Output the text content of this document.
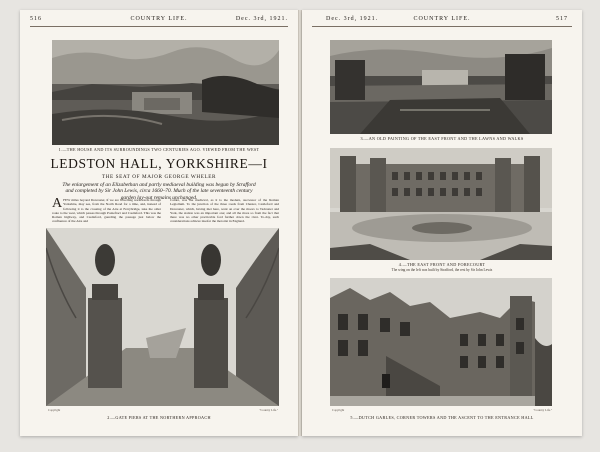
516	COUNTRY LIFE.	Dec. 3rd, 1921.
1.—THE HOUSE AND ITS SURROUNDINGS TWO CENTURIES AGO. VIEWED FROM THE WEST
LEDSTON HALL, YORKSHIRE—I
THE SEAT OF MAJOR GEORGE WHELER
The enlargement of an Elizabethan and partly mediaeval building was begun by Strafford and completed by Sir John Lewis, circa 1660–70. Much of the late seventeenth century garden lay-out remains unchanged.
AFEW miles beyond Doncaster, if we are travelling northwards through Yorkshire, may see, from the North Road for a time, and, instead of following it to the crossing of the Aire at Ferrybridge, take the older route to the west, which passes through Pontefract and Castleford. This was the Roman highway, and Castleford, guarding the passage just below the confluence of the Aire and
Calder, was the medieval, as it is the modern, successor of the Roman Legiolium. To the junction of the three roads from Chester, Castleford and Doncaster, which, having met here, went on over the moors to Tadcaster and York, the station was an important one; and all the more so from the fact that there was no other practicable ford further down the river. To-day, such considerations achieve insofar the motorist in England.
Copyright	"Country Life."
2.—GATE PIERS AT THE NORTHERN APPROACH
Dec. 3rd, 1921.	COUNTRY LIFE.	517
3.—AN OLD PAINTING OF THE EAST FRONT AND THE LAWNS AND WALKS
4.—THE EAST FRONT AND FORECOURT
The wing on the left was built by Strafford, the rest by Sir John Lewis
Copyright	"Country Life."
5.—DUTCH GABLES, CORNER TOWERS AND THE ASCENT TO THE ENTRANCE HALL
